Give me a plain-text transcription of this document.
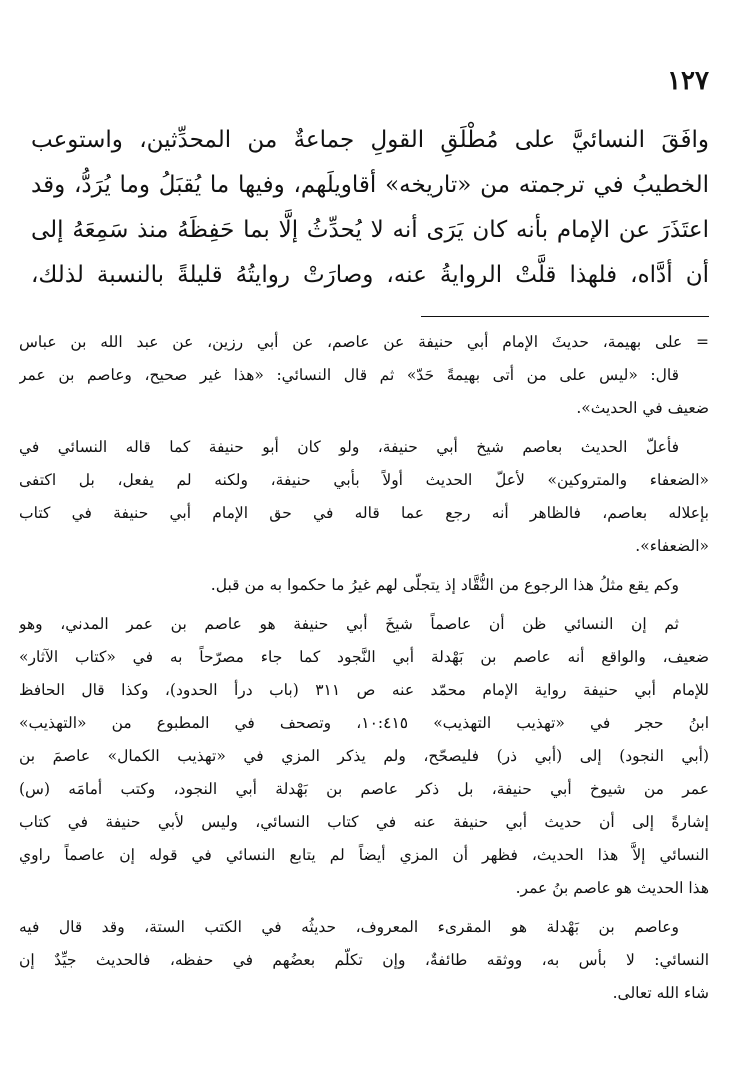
١٢٧
وافَقَ النسائيَّ على مُطْلَقِ القولِ جماعةٌ من المحدِّثين، واستوعب
الخطيبُ في ترجمته من «تاريخه» أقاويلَهم، وفيها ما يُقبَلُ وما يُرَدُّ، وقد
اعتَذَرَ عن الإمام بأنه كان يَرَى أنه لا يُحدِّثُ إلَّا بما حَفِظَهُ منذ سَمِعَهُ إلى
أن أدَّاه، فلهذا قلَّتْ الروايةُ عنه، وصارَتْ روايتُهُ قليلةً بالنسبة لذلك،
= على بهيمة، حديثَ الإمام أبي حنيفة عن عاصم، عن أبي رزين، عن عبد الله بن عباس
قال: «ليس على من أتى بهيمةً حَدّ» ثم قال النسائي: «هذا غير صحيح، وعاصم بن عمر
ضعيف في الحديث».
فأعلّ الحديث بعاصم شيخ أبي حنيفة، ولو كان أبو حنيفة كما قاله النسائي في
«الضعفاء والمتروكين» لأعلّ الحديث أولاً بأبي حنيفة، ولكنه لم يفعل، بل اكتفى
بإعلاله بعاصم، فالظاهر أنه رجع عما قاله في حق الإمام أبي حنيفة في كتاب
«الضعفاء».
وكم يقع مثلُ هذا الرجوع من النُّقَّاد إذ يتجلّى لهم غيرُ ما حكموا به من قبل.
ثم إن النسائي ظن أن عاصماً شيخَ أبي حنيفة هو عاصم بن عمر المدني، وهو
ضعيف، والواقع أنه عاصم بن بَهْدلة أبي النَّجود كما جاء مصرّحاً به في «كتاب الآثار»
للإمام أبي حنيفة رواية الإمام محمّد عنه ص ٣١١ (باب درأ الحدود)، وكذا قال الحافظ
ابنُ حجر في «تهذيب التهذيب» ١٠:٤١٥، وتصحف في المطبوع من «التهذيب»
(أبي النجود) إلى (أبي ذر) فليصحّح، ولم يذكر المزي في «تهذيب الكمال» عاصمَ بن
عمر من شيوخ أبي حنيفة، بل ذكر عاصم بن بَهْدلة أبي النجود، وكتب أمامَه (س)
إشارةً إلى أن حديث أبي حنيفة عنه في كتاب النسائي، وليس لأبي حنيفة في كتاب
النسائي إلاَّ هذا الحديث، فظهر أن المزي أيضاً لم يتابع النسائي في قوله إن عاصماً راوي
هذا الحديث هو عاصم بنُ عمر.
وعاصم بن بَهْدلة هو المقرىء المعروف، حديثُه في الكتب الستة، وقد قال فيه
النسائي: لا بأس به، ووثقه طائفةٌ، وإن تكلّم بعضُهم في حفظه، فالحديث جيِّدٌ إن
شاء الله تعالى.
